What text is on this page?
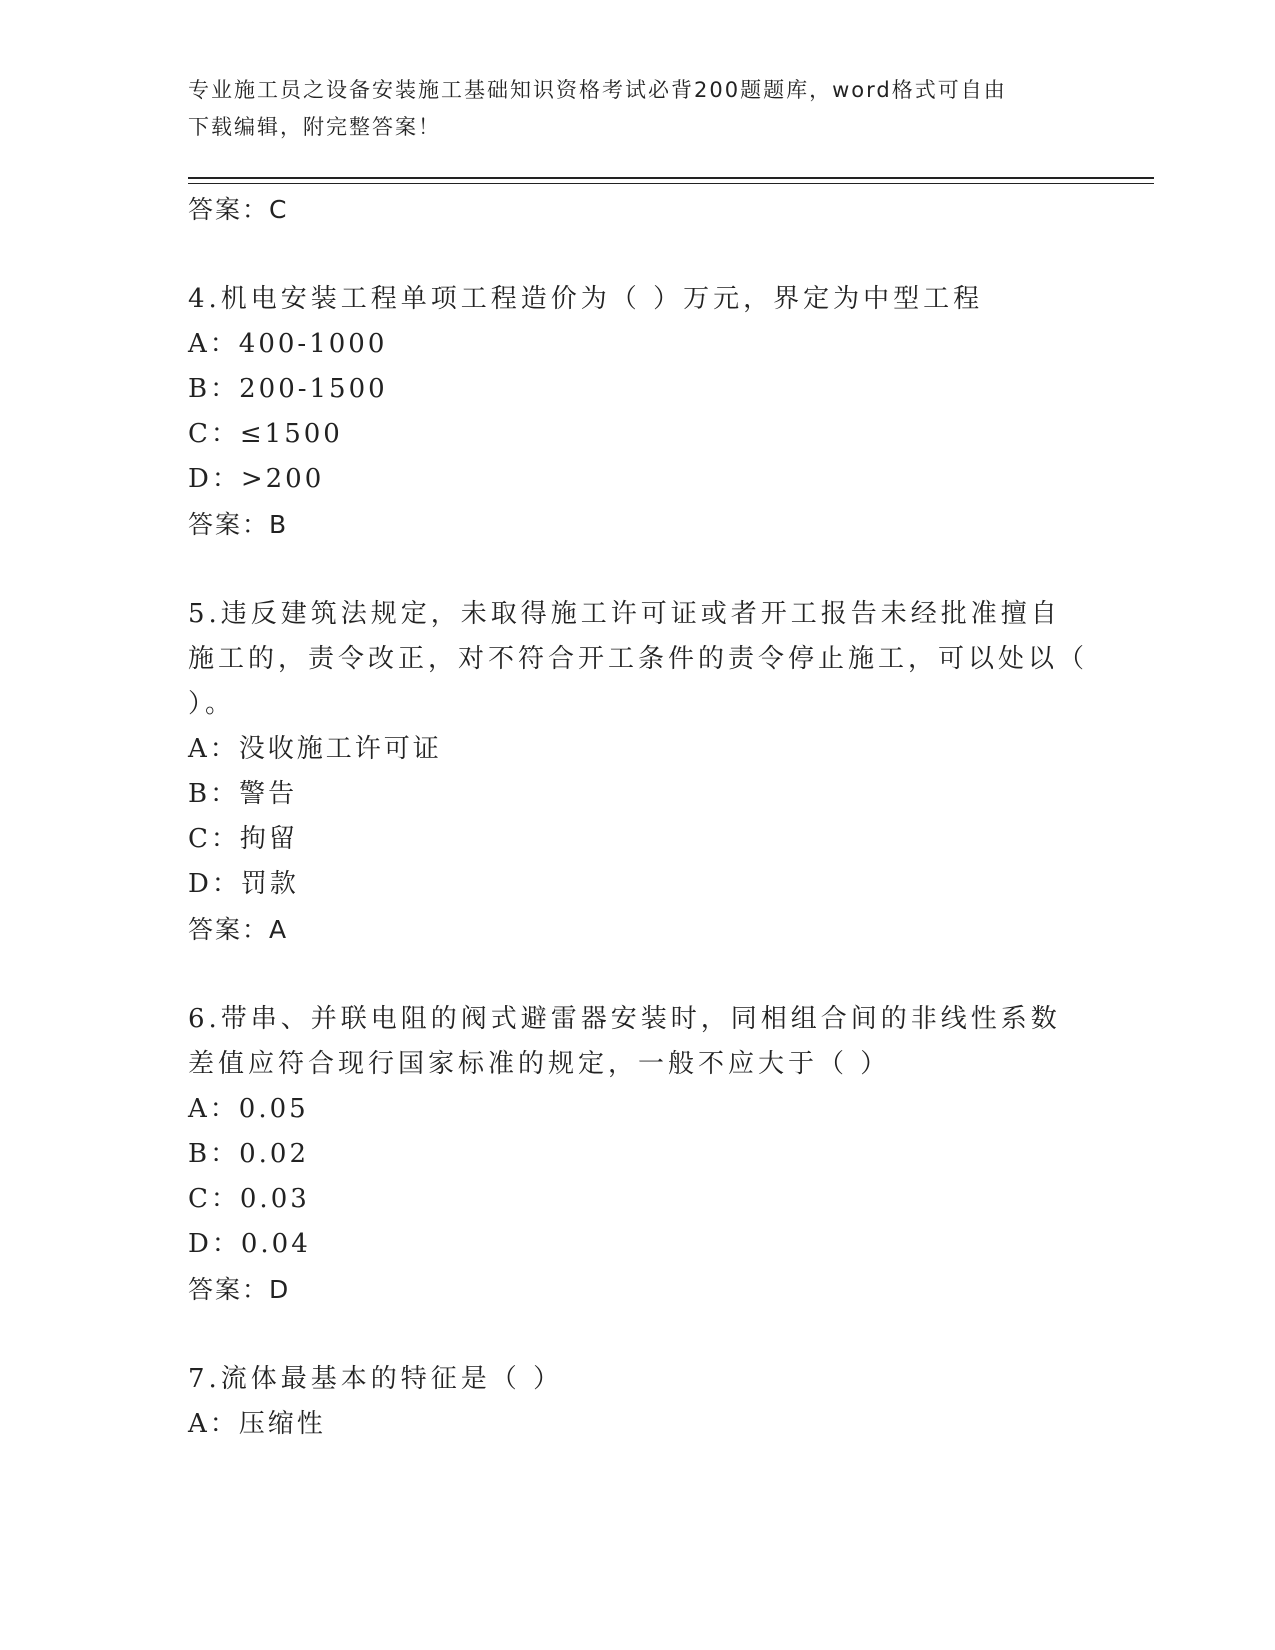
专业施工员之设备安装施工基础知识资格考试必背200题题库，word格式可自由
下载编辑，附完整答案！
答案：C
4.机电安装工程单项工程造价为（ ）万元，界定为中型工程
A：400-1000
B：200-1500
C：≤1500
D：>200
答案：B
5.违反建筑法规定，未取得施工许可证或者开工报告未经批准擅自施工的，责令改正，对不符合开工条件的责令停止施工，可以处以（ ）。
A：没收施工许可证
B：警告
C：拘留
D：罚款
答案：A
6.带串、并联电阻的阀式避雷器安装时，同相组合间的非线性系数差值应符合现行国家标准的规定，一般不应大于（ ）
A：0.05
B：0.02
C：0.03
D：0.04
答案：D
7.流体最基本的特征是（ ）
A：压缩性
